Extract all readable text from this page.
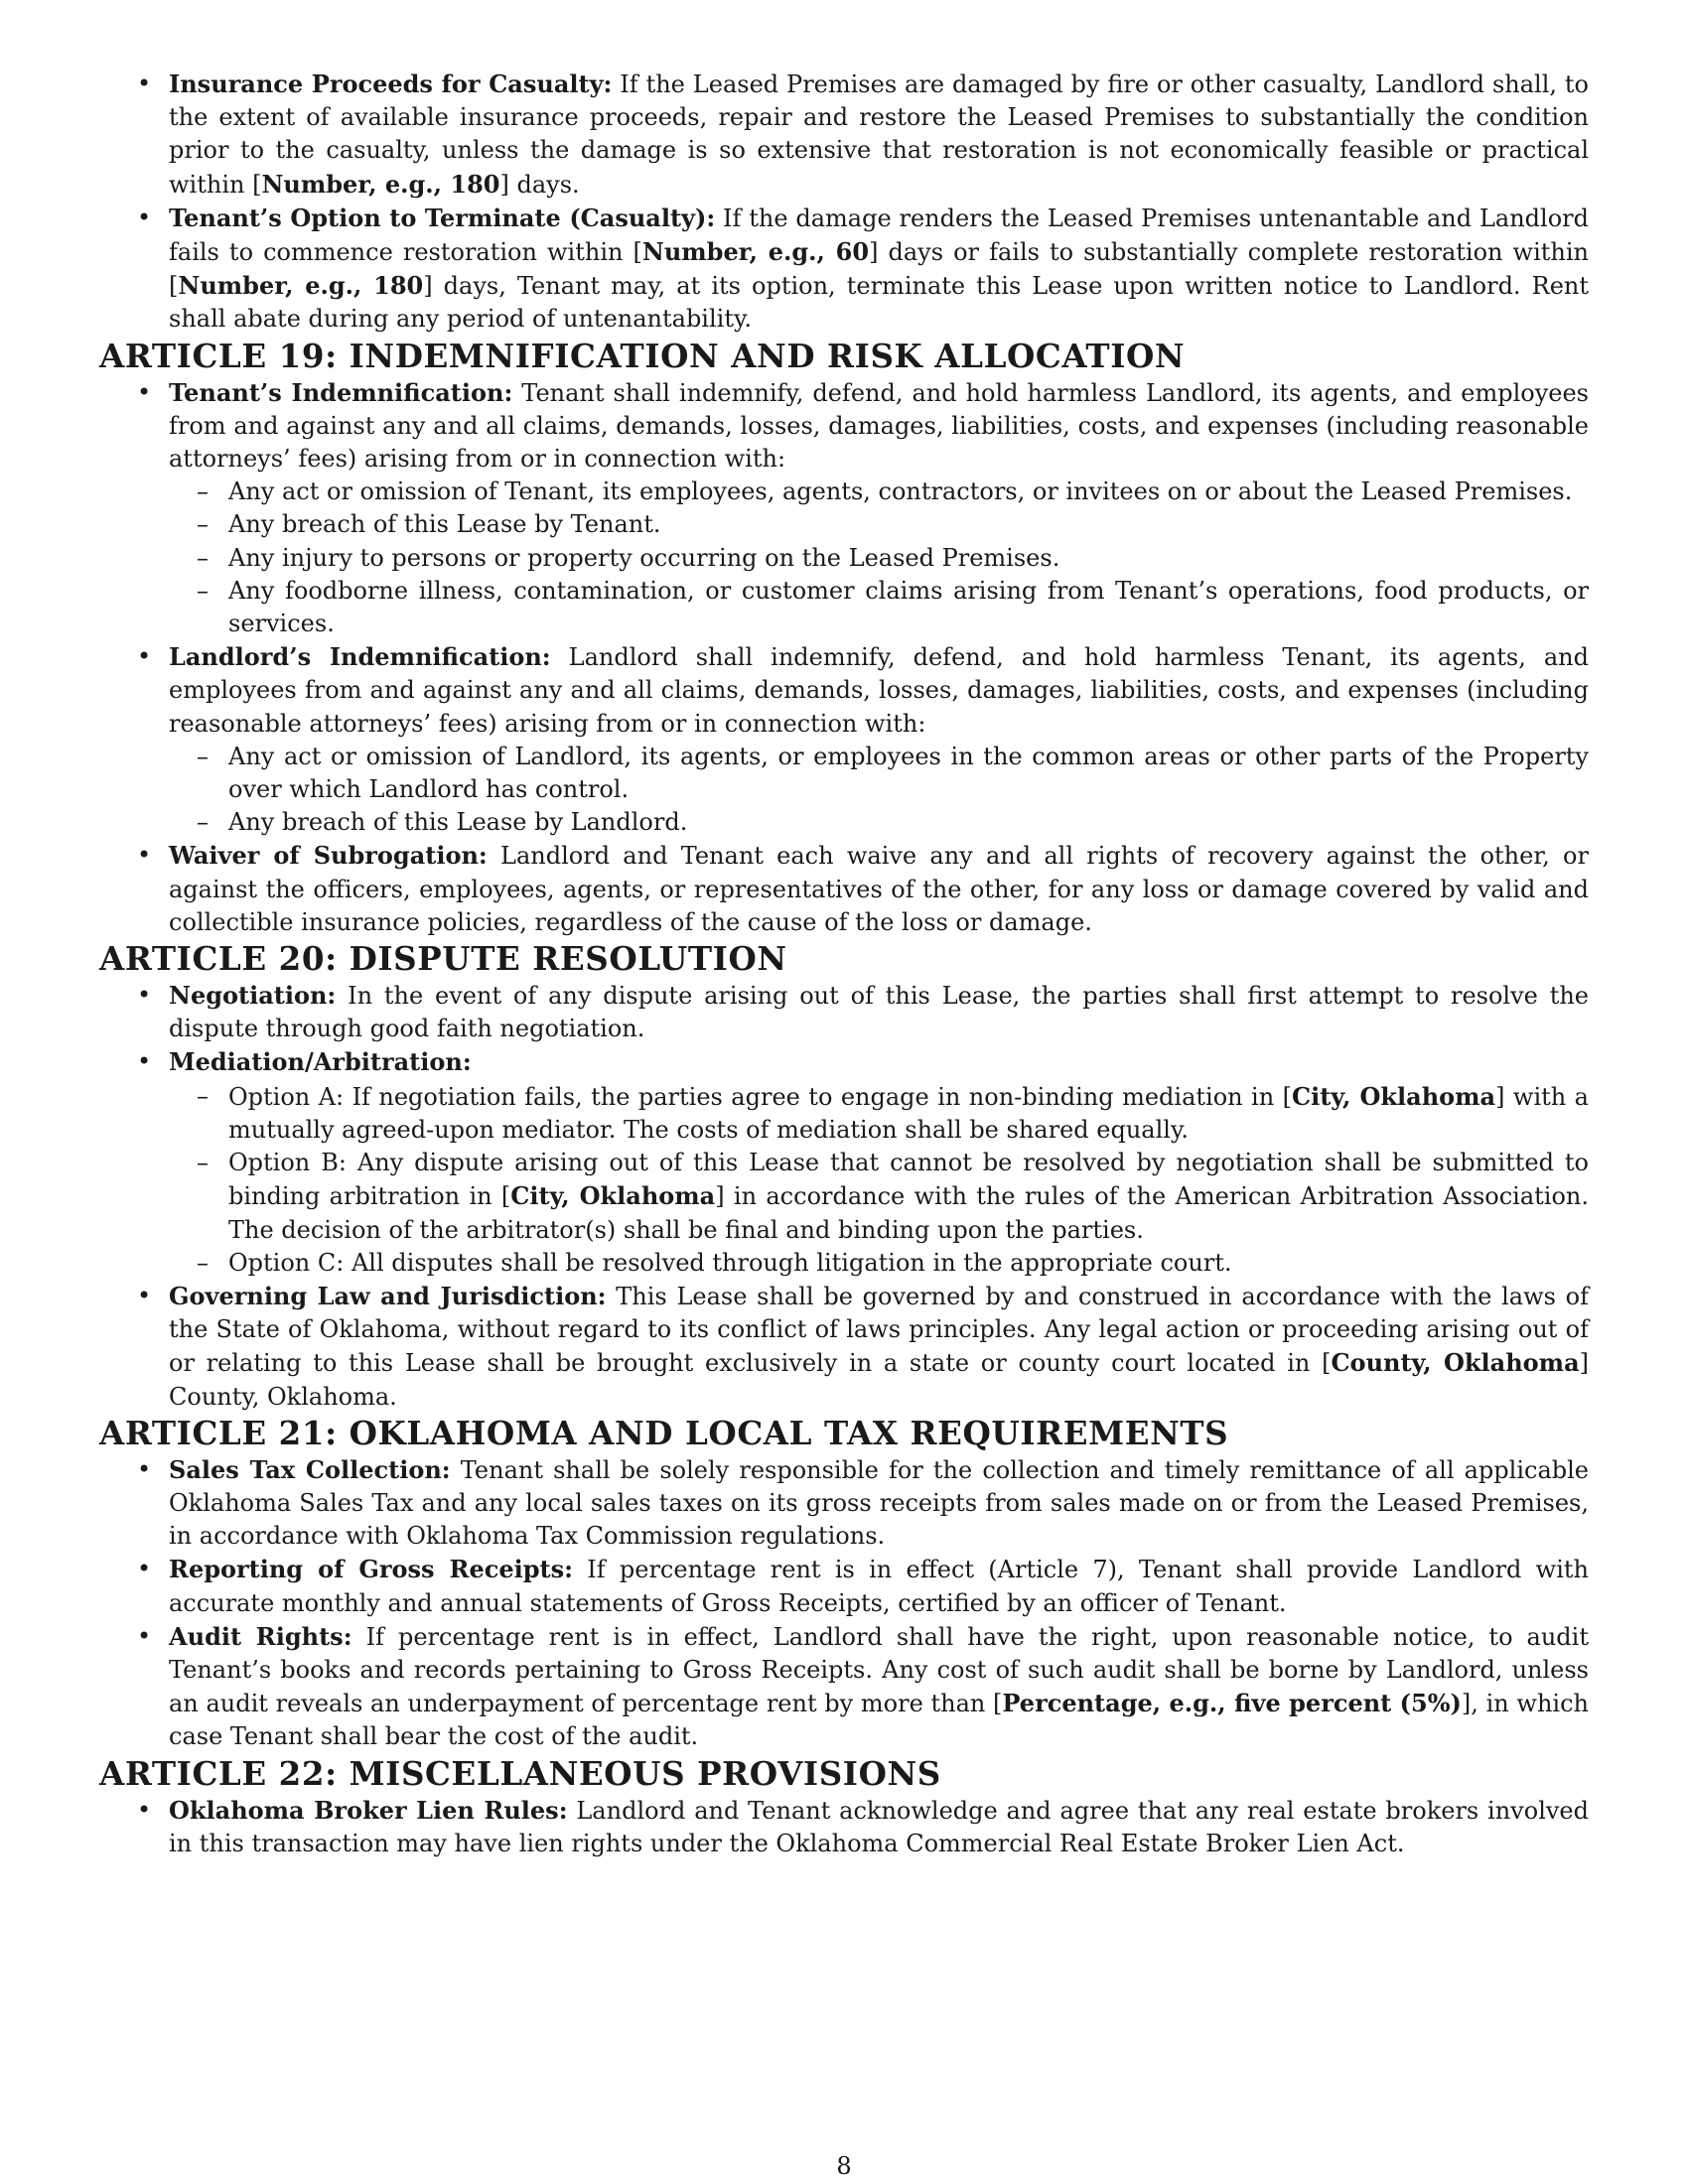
• Insurance Proceeds for Casualty: If the Leased Premises are damaged by fire or other casualty, Landlord shall, to the extent of available insurance proceeds, repair and restore the Leased Premises to substantially the condition prior to the casualty, unless the damage is so extensive that restoration is not economically feasible or practical within [Number, e.g., 180] days.

• Tenant’s Option to Terminate (Casualty): If the damage renders the Leased Premises untenantable and Landlord fails to commence restoration within [Number, e.g., 60] days or fails to substantially complete restoration within [Number, e.g., 180] days, Tenant may, at its option, terminate this Lease upon written notice to Landlord. Rent shall abate during any period of untenantability.

ARTICLE 19: INDEMNIFICATION AND RISK ALLOCATION
• Tenant’s Indemnification: Tenant shall indemnify, defend, and hold harmless Landlord, its agents, and employees from and against any and all claims, demands, losses, damages, liabilities, costs, and expenses (including reasonable attorneys’ fees) arising from or in connection with:

– Any act or omission of Tenant, its employees, agents, contractors, or invitees on or about the Leased Premises.

– Any breach of this Lease by Tenant.

– Any injury to persons or property occurring on the Leased Premises.

– Any foodborne illness, contamination, or customer claims arising from Tenant’s operations, food products, or services.

• Landlord’s Indemnification: Landlord shall indemnify, defend, and hold harmless Tenant, its agents, and employees from and against any and all claims, demands, losses, damages, liabilities, costs, and expenses (including reasonable attorneys’ fees) arising from or in connection with:

– Any act or omission of Landlord, its agents, or employees in the common areas or other parts of the Property over which Landlord has control.

– Any breach of this Lease by Landlord.

• Waiver of Subrogation: Landlord and Tenant each waive any and all rights of recovery against the other, or against the officers, employees, agents, or representatives of the other, for any loss or damage covered by valid and collectible insurance policies, regardless of the cause of the loss or damage.

ARTICLE 20: DISPUTE RESOLUTION
• Negotiation: In the event of any dispute arising out of this Lease, the parties shall first attempt to resolve the dispute through good faith negotiation.

• Mediation/Arbitration:

– Option A: If negotiation fails, the parties agree to engage in non-binding mediation in [City, Oklahoma] with a mutually agreed-upon mediator. The costs of mediation shall be shared equally.

– Option B: Any dispute arising out of this Lease that cannot be resolved by negotiation shall be submitted to binding arbitration in [City, Oklahoma] in accordance with the rules of the American Arbitration Association. The decision of the arbitrator(s) shall be final and binding upon the parties.

– Option C: All disputes shall be resolved through litigation in the appropriate court.

• Governing Law and Jurisdiction: This Lease shall be governed by and construed in accordance with the laws of the State of Oklahoma, without regard to its conflict of laws principles. Any legal action or proceeding arising out of or relating to this Lease shall be brought exclusively in a state or county court located in [County, Oklahoma] County, Oklahoma.

ARTICLE 21: OKLAHOMA AND LOCAL TAX REQUIREMENTS
• Sales Tax Collection: Tenant shall be solely responsible for the collection and timely remittance of all applicable Oklahoma Sales Tax and any local sales taxes on its gross receipts from sales made on or from the Leased Premises, in accordance with Oklahoma Tax Commission regulations.

• Reporting of Gross Receipts: If percentage rent is in effect (Article 7), Tenant shall provide Landlord with accurate monthly and annual statements of Gross Receipts, certified by an officer of Tenant.

• Audit Rights: If percentage rent is in effect, Landlord shall have the right, upon reasonable notice, to audit Tenant’s books and records pertaining to Gross Receipts. Any cost of such audit shall be borne by Landlord, unless an audit reveals an underpayment of percentage rent by more than [Percentage, e.g., five percent (5%)], in which case Tenant shall bear the cost of the audit.

ARTICLE 22: MISCELLANEOUS PROVISIONS
• Oklahoma Broker Lien Rules: Landlord and Tenant acknowledge and agree that any real estate brokers involved in this transaction may have lien rights under the Oklahoma Commercial Real Estate Broker Lien Act.

8
